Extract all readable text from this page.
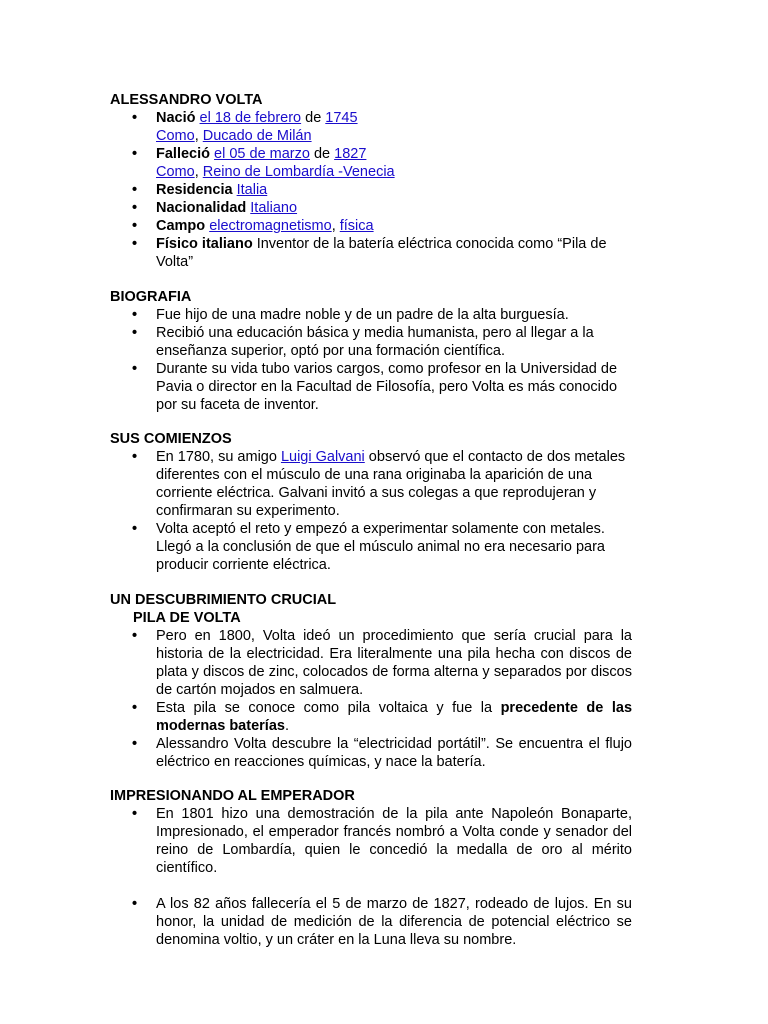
ALESSANDRO VOLTA
• Nació el 18 de febrero de 1745
Como, Ducado de Milán
• Falleció el 05 de marzo de 1827
Como, Reino de Lombardía -Venecia
• Residencia Italia
• Nacionalidad Italiano
• Campo electromagnetismo, física
• Físico italiano Inventor de la batería eléctrica conocida como “Pila de Volta”
BIOGRAFIA
• Fue hijo de una madre noble y de un padre de la alta burguesía.
• Recibió una educación básica y media humanista, pero al llegar a la enseñanza superior, optó por una formación científica.
• Durante su vida tubo varios cargos, como profesor en la Universidad de Pavia o director en la Facultad de Filosofía, pero Volta es más conocido por su faceta de inventor.
SUS COMIENZOS
• En 1780, su amigo Luigi Galvani observó que el contacto de dos metales diferentes con el músculo de una rana originaba la aparición de una corriente eléctrica. Galvani invitó a sus colegas a que reprodujeran y confirmaran su experimento.
• Volta aceptó el reto y empezó a experimentar solamente con metales. Llegó a la conclusión de que el músculo animal no era necesario para producir corriente eléctrica.
UN DESCUBRIMIENTO CRUCIAL
PILA DE VOLTA
• Pero en 1800, Volta ideó un procedimiento que sería crucial para la historia de la electricidad. Era literalmente una pila hecha con discos de plata y discos de zinc, colocados de forma alterna y separados por discos de cartón mojados en salmuera.
• Esta pila se conoce como pila voltaica y fue la precedente de las modernas baterías.
• Alessandro Volta descubre la “electricidad portátil”. Se encuentra el flujo eléctrico en reacciones químicas, y nace la batería.
IMPRESIONANDO AL EMPERADOR
• En 1801 hizo una demostración de la pila ante Napoleón Bonaparte, Impresionado, el emperador francés nombró a Volta conde y senador del reino de Lombardía, quien le concedió la medalla de oro al mérito científico.
• A los 82 años fallecería el 5 de marzo de 1827, rodeado de lujos. En su honor, la unidad de medición de la diferencia de potencial eléctrico se denomina voltio, y un cráter en la Luna lleva su nombre.
